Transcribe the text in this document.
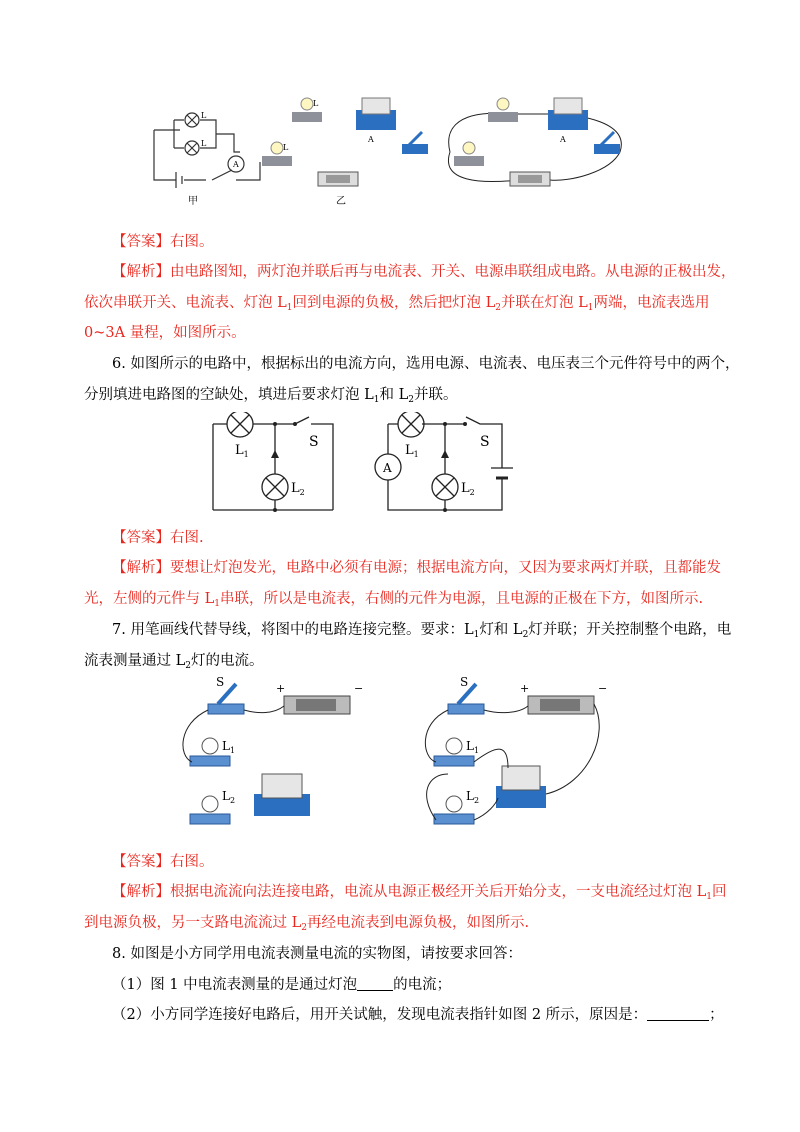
L
L
A
甲
L
L
A
乙
A
【答案】右图。
【解析】由电路图知，两灯泡并联后再与电流表、开关、电源串联组成电路。从电源的正极出发，
依次串联开关、电流表、灯泡 $L_1$回到电源的负极，然后把灯泡 $L_2$并联在灯泡 $L_1$两端，电流表选用
0~3A 量程，如图所示。
6. 如图所示的电路中，根据标出的电流方向，选用电源、电流表、电压表三个元件符号中的两个，
分别填进电路图的空缺处，填进后要求灯泡 $L_1$和 $L_2$并联。
S
$L_1$
$L_2$
S
$L_1$
$L_2$
A
【答案】右图.
【解析】要想让灯泡发光，电路中必须有电源；根据电流方向，又因为要求两灯并联，且都能发
光，左侧的元件与 $L_1$串联，所以是电流表，右侧的元件为电源，且电源的正极在下方，如图所示.
7. 用笔画线代替导线，将图中的电路连接完整。要求：$L_1$灯和 $L_2$灯并联；开关控制整个电路，电
流表测量通过 $L_2$灯的电流。
S	+	−
$L_1$
$L_2$
S	+	−
$L_1$
$L_2$
【答案】右图。
【解析】根据电流流向法连接电路，电流从电源正极经开关后开始分支，一支电流经过灯泡 $L_1$回
到电源负极，另一支路电流流过 $L_2$再经电流表到电源负极，如图所示.
8. 如图是小方同学用电流表测量电流的实物图，请按要求回答：
（1）图 1 中电流表测量的是通过灯泡 的电流；
（2）小方同学连接好电路后，用开关试触，发现电流表指针如图 2 所示，原因是：	；
